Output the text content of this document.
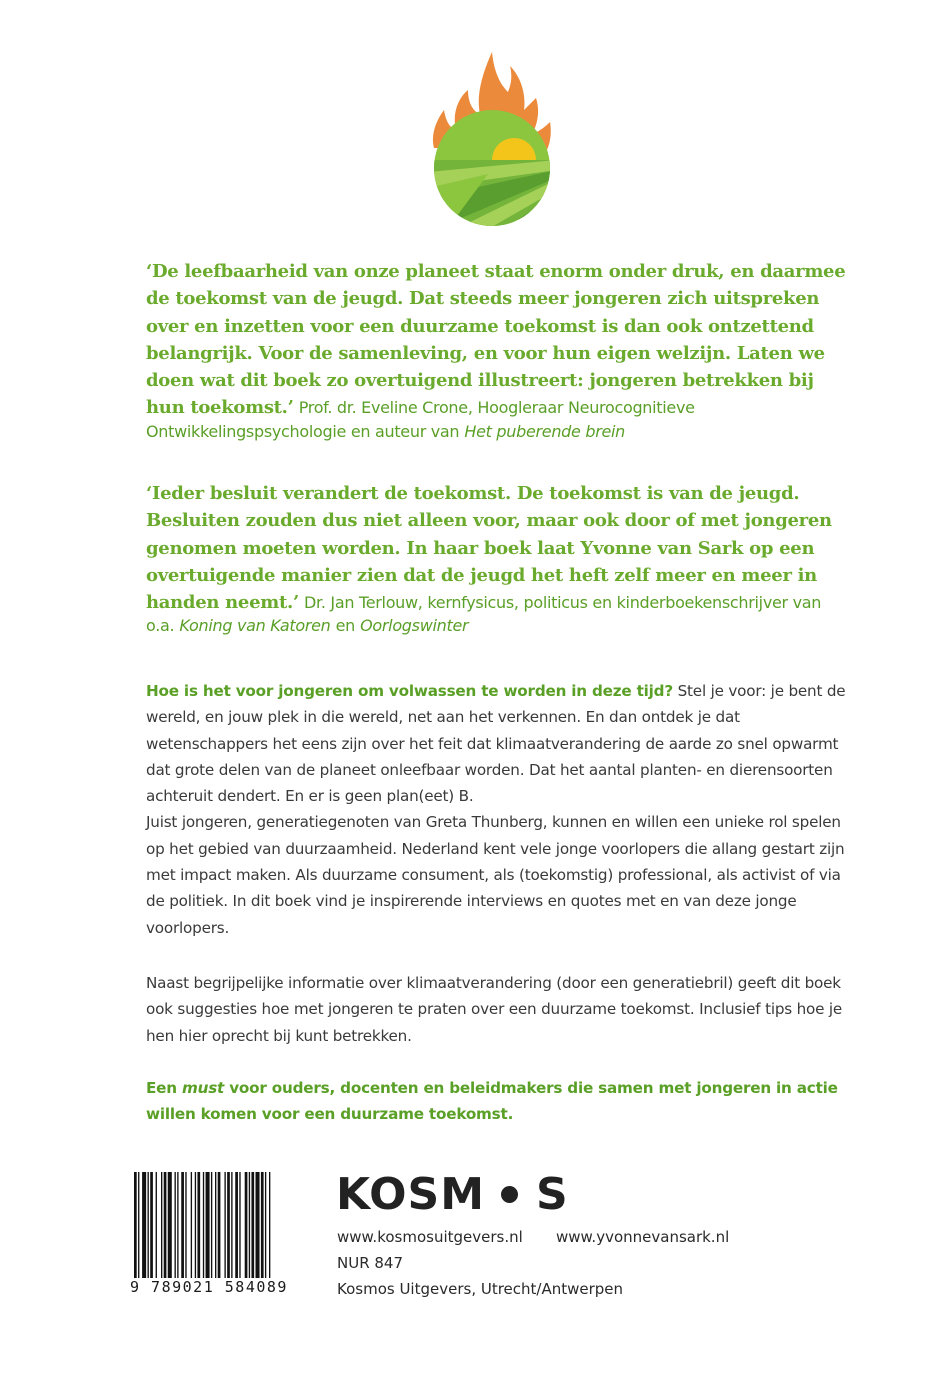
‘De leefbaarheid van onze planeet staat enorm onder druk, en daarmee de toekomst van de jeugd. Dat steeds meer jongeren zich uitspreken over en inzetten voor een duurzame toekomst is dan ook ontzettend belangrijk. Voor de samenleving, en voor hun eigen welzijn. Laten we doen wat dit boek zo overtuigend illustreert: jongeren betrekken bij hun toekomst.’ Prof. dr. Eveline Crone, Hoogleraar Neurocognitieve Ontwikkelingspsychologie en auteur van Het puberende brein

‘Ieder besluit verandert de toekomst. De toekomst is van de jeugd. Besluiten zouden dus niet alleen voor, maar ook door of met jongeren genomen moeten worden. In haar boek laat Yvonne van Sark op een overtuigende manier zien dat de jeugd het heft zelf meer en meer in handen neemt.’ Dr. Jan Terlouw, kernfysicus, politicus en kinderboekenschrijver van o.a. Koning van Katoren en Oorlogswinter

Hoe is het voor jongeren om volwassen te worden in deze tijd? Stel je voor: je bent de wereld, en jouw plek in die wereld, net aan het verkennen. En dan ontdek je dat wetenschappers het eens zijn over het feit dat klimaatverandering de aarde zo snel opwarmt dat grote delen van de planeet onleefbaar worden. Dat het aantal planten- en dierensoorten achteruit dendert. En er is geen plan(eet) B.
Juist jongeren, generatiegenoten van Greta Thunberg, kunnen en willen een unieke rol spelen op het gebied van duurzaamheid. Nederland kent vele jonge voorlopers die allang gestart zijn met impact maken. Als duurzame consument, als (toekomstig) professional, als activist of via de politiek. In dit boek vind je inspirerende interviews en quotes met en van deze jonge voorlopers.

Naast begrijpelijke informatie over klimaatverandering (door een generatiebril) geeft dit boek ook suggesties hoe met jongeren te praten over een duurzame toekomst. Inclusief tips hoe je hen hier oprecht bij kunt betrekken.

Een must voor ouders, docenten en beleidmakers die samen met jongeren in actie willen komen voor een duurzame toekomst.

9 789021 584089
KOSM S
www.kosmosuitgevers.nl www.yvonnevansark.nl
NUR 847
Kosmos Uitgevers, Utrecht/Antwerpen
